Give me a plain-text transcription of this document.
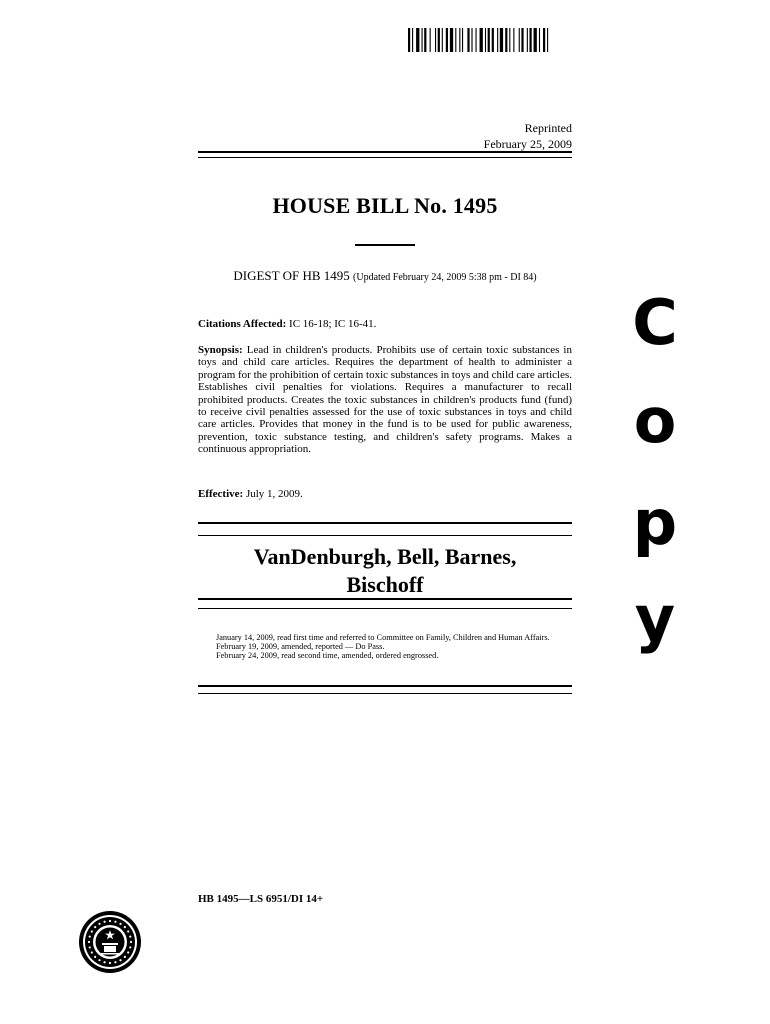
Reprinted
February 25, 2009
HOUSE BILL No. 1495
DIGEST OF HB 1495 (Updated February 24, 2009 5:38 pm - DI 84)
Citations Affected: IC 16-18; IC 16-41.
Synopsis: Lead in children's products. Prohibits use of certain toxic substances in toys and child care articles. Requires the department of health to administer a program for the prohibition of certain toxic substances in toys and child care articles. Establishes civil penalties for violations. Requires a manufacturer to recall prohibited products. Creates the toxic substances in children's products fund (fund) to receive civil penalties assessed for the use of toxic substances in toys and child care articles. Provides that money in the fund is to be used for public awareness, prevention, toxic substance testing, and children's safety programs. Makes a continuous appropriation.
Effective: July 1, 2009.
VanDenburgh, Bell, Barnes,
Bischoff
January 14, 2009, read first time and referred to Committee on Family, Children and Human Affairs.
February 19, 2009, amended, reported — Do Pass.
February 24, 2009, read second time, amended, ordered engrossed.
HB 1495—LS 6951/DI 14+
C
o
p
y
